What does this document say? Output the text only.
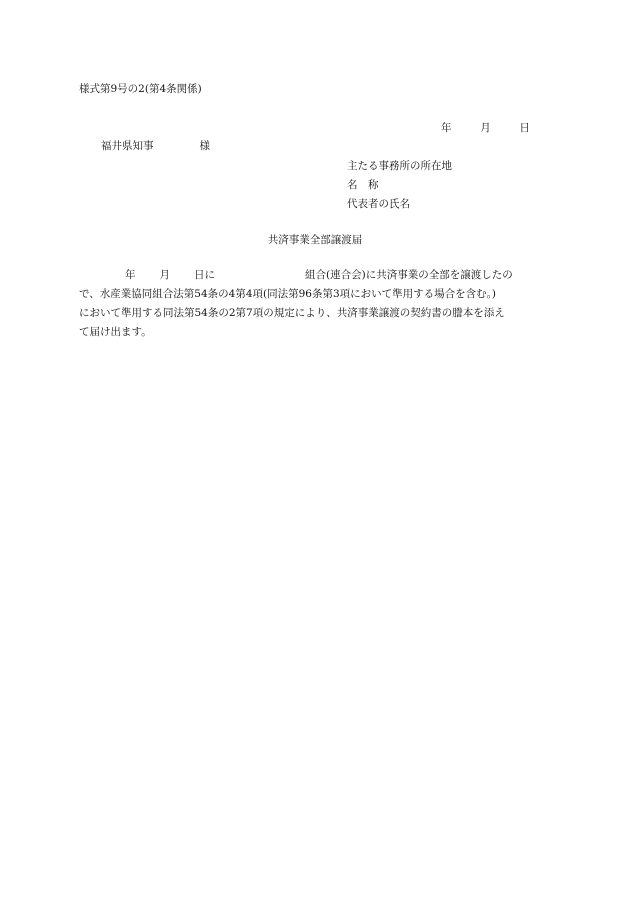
様式第9号の2(第4条関係)
年	月	日
福井県知事	様
主たる事務所の所在地
名　称
代表者の氏名
共済事業全部譲渡届
年 月 日に	組合(連合会)に共済事業の全部を譲渡したの
で、水産業協同組合法第54条の4第4項(同法第96条第3項において準用する場合を含む。)
において準用する同法第54条の2第7項の規定により、共済事業譲渡の契約書の謄本を添え
て届け出ます。
